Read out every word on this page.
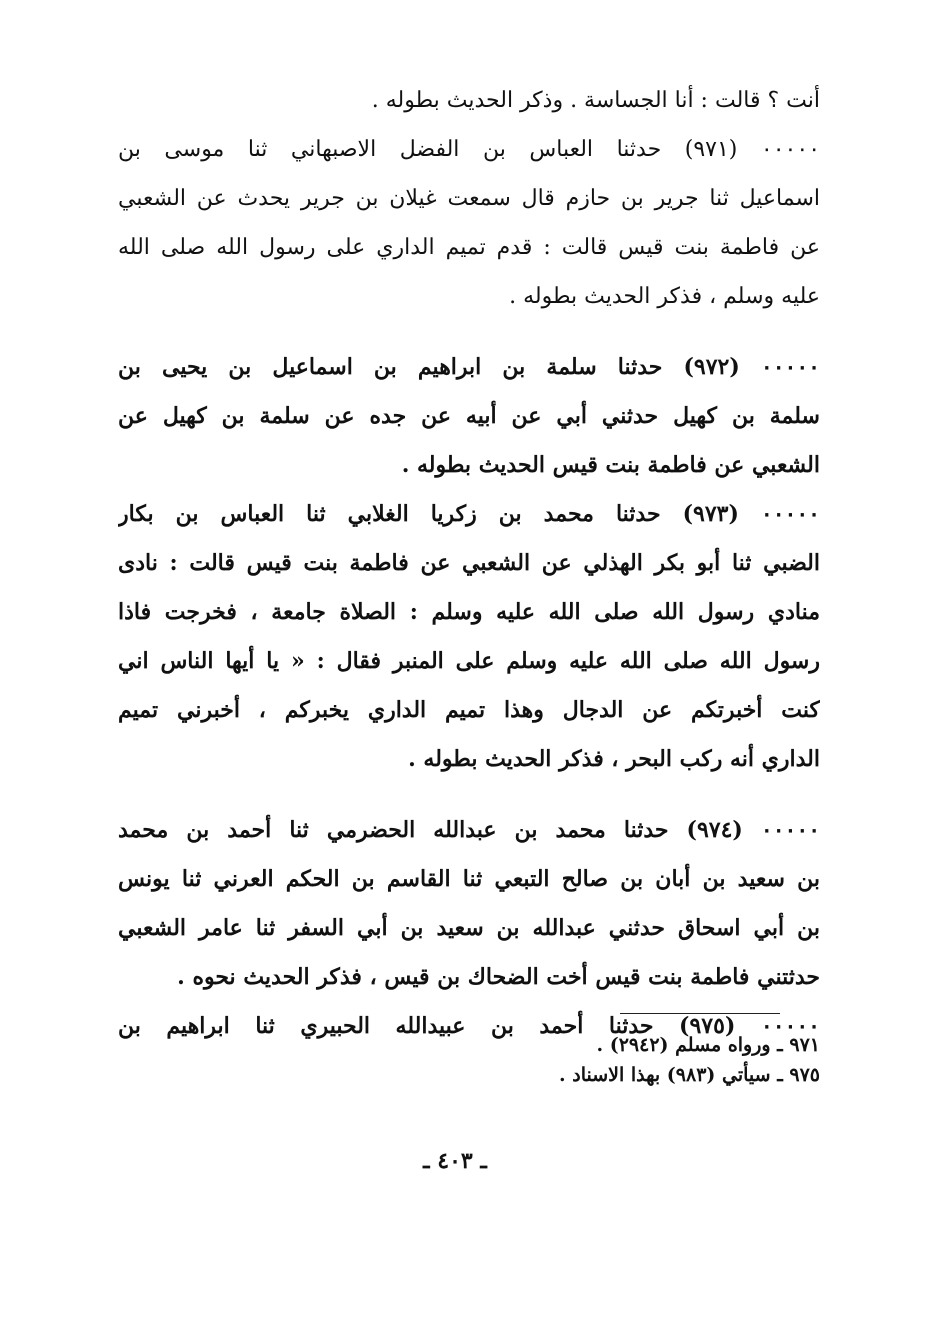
أنت ؟ قالت : أنا الجساسة . وذكر الحديث بطوله .
٠٠٠٠٠ (٩٧١) حدثنا العباس بن الفضل الاصبهاني ثنا موسى بن
اسماعيل ثنا جرير بن حازم قال سمعت غيلان بن جرير يحدث عن الشعبي
عن فاطمة بنت قيس قالت : قدم تميم الداري على رسول الله صلى الله
عليه وسلم ، فذكر الحديث بطوله .
٠٠٠٠٠ (٩٧٢) حدثنا سلمة بن ابراهيم بن اسماعيل بن يحيى بن
سلمة بن كهيل حدثني أبي عن أبيه عن جده عن سلمة بن كهيل عن
الشعبي عن فاطمة بنت قيس الحديث بطوله .
٠٠٠٠٠ (٩٧٣) حدثنا محمد بن زكريا الغلابي ثنا العباس بن بكار
الضبي ثنا أبو بكر الهذلي عن الشعبي عن فاطمة بنت قيس قالت : نادى
منادي رسول الله صلى الله عليه وسلم : الصلاة جامعة ، فخرجت فاذا
رسول الله صلى الله عليه وسلم على المنبر فقال : « يا أيها الناس اني
كنت أخبرتكم عن الدجال وهذا تميم الداري يخبركم ، أخبرني تميم
الداري أنه ركب البحر ، فذكر الحديث بطوله .
٠٠٠٠٠ (٩٧٤) حدثنا محمد بن عبدالله الحضرمي ثنا أحمد بن محمد
بن سعيد بن أبان بن صالح التبعي ثنا القاسم بن الحكم العرني ثنا يونس
بن أبي اسحاق حدثني عبدالله بن سعيد بن أبي السفر ثنا عامر الشعبي
حدثتني فاطمة بنت قيس أخت الضحاك بن قيس ، فذكر الحديث نحوه .
٠٠٠٠٠ (٩٧٥) حدثنا أحمد بن عبيدالله الحبيري ثنا ابراهيم بن
٩٧١ ـ ورواه مسلم (٢٩٤٢) .
٩٧٥ ـ سيأتي (٩٨٣) بهذا الاسناد .
ـ ٤٠٣ ـ
